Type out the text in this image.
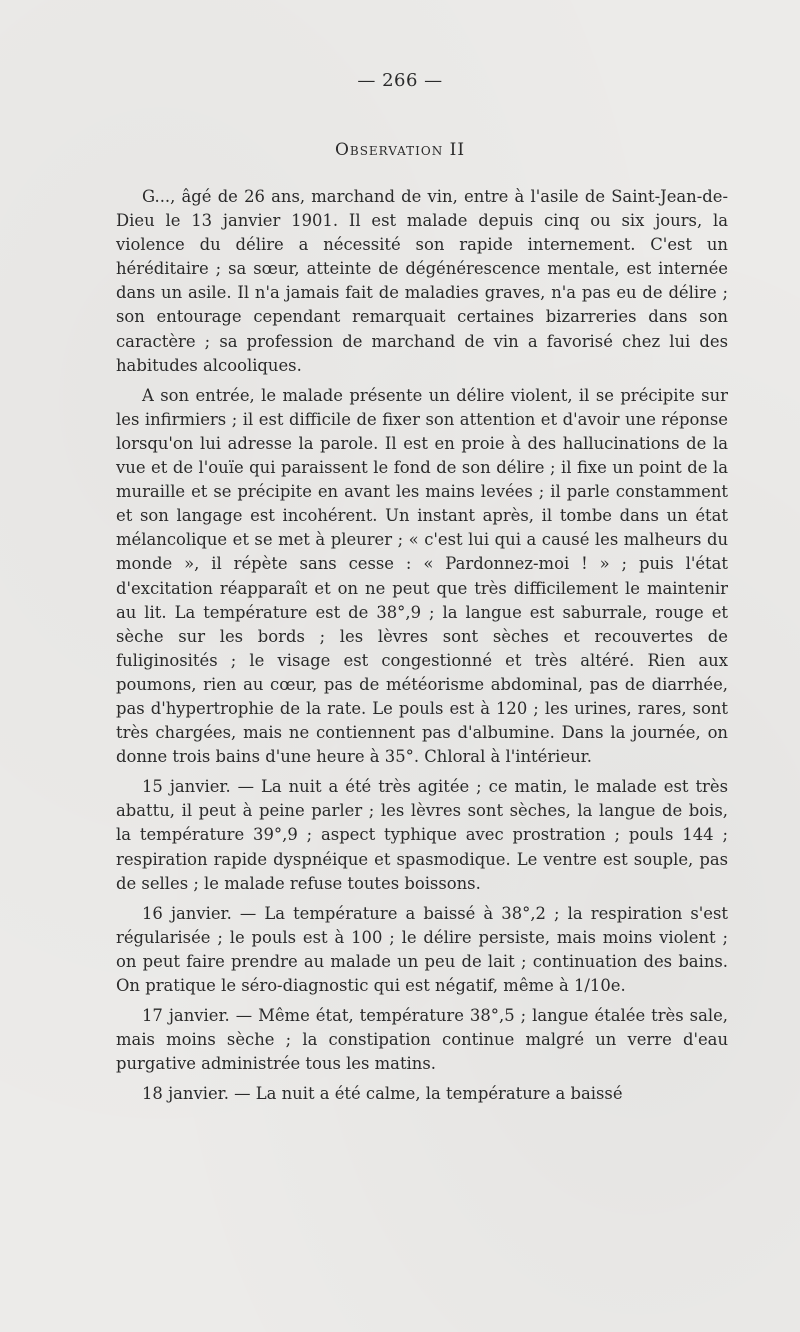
— 266 —
Observation II

G..., âgé de 26 ans, marchand de vin, entre à l'asile de Saint-Jean-de-Dieu le 13 janvier 1901. Il est malade depuis cinq ou six jours, la violence du délire a nécessité son rapide internement. C'est un héréditaire ; sa sœur, atteinte de dégénérescence mentale, est internée dans un asile. Il n'a jamais fait de maladies graves, n'a pas eu de délire ; son entourage cependant remarquait certaines bizarreries dans son caractère ; sa profession de marchand de vin a favorisé chez lui des habitudes alcooliques.

A son entrée, le malade présente un délire violent, il se précipite sur les infirmiers ; il est difficile de fixer son attention et d'avoir une réponse lorsqu'on lui adresse la parole. Il est en proie à des hallucinations de la vue et de l'ouïe qui paraissent le fond de son délire ; il fixe un point de la muraille et se précipite en avant les mains levées ; il parle constamment et son langage est incohérent. Un instant après, il tombe dans un état mélancolique et se met à pleurer ; « c'est lui qui a causé les malheurs du monde », il répète sans cesse : « Pardonnez-moi ! » ; puis l'état d'excitation réapparaît et on ne peut que très difficilement le maintenir au lit. La température est de 38°,9 ; la langue est saburrale, rouge et sèche sur les bords ; les lèvres sont sèches et recouvertes de fuliginosités ; le visage est congestionné et très altéré. Rien aux poumons, rien au cœur, pas de météorisme abdominal, pas de diarrhée, pas d'hypertrophie de la rate. Le pouls est à 120 ; les urines, rares, sont très chargées, mais ne contiennent pas d'albumine. Dans la journée, on donne trois bains d'une heure à 35°. Chloral à l'intérieur.

15 janvier. — La nuit a été très agitée ; ce matin, le malade est très abattu, il peut à peine parler ; les lèvres sont sèches, la langue de bois, la température 39°,9 ; aspect typhique avec prostration ; pouls 144 ; respiration rapide dyspnéique et spasmodique. Le ventre est souple, pas de selles ; le malade refuse toutes boissons.

16 janvier. — La température a baissé à 38°,2 ; la respiration s'est régularisée ; le pouls est à 100 ; le délire persiste, mais moins violent ; on peut faire prendre au malade un peu de lait ; continuation des bains. On pratique le séro-diagnostic qui est négatif, même à 1/10e.

17 janvier. — Même état, température 38°,5 ; langue étalée très sale, mais moins sèche ; la constipation continue malgré un verre d'eau purgative administrée tous les matins.

18 janvier. — La nuit a été calme, la température a baissé
